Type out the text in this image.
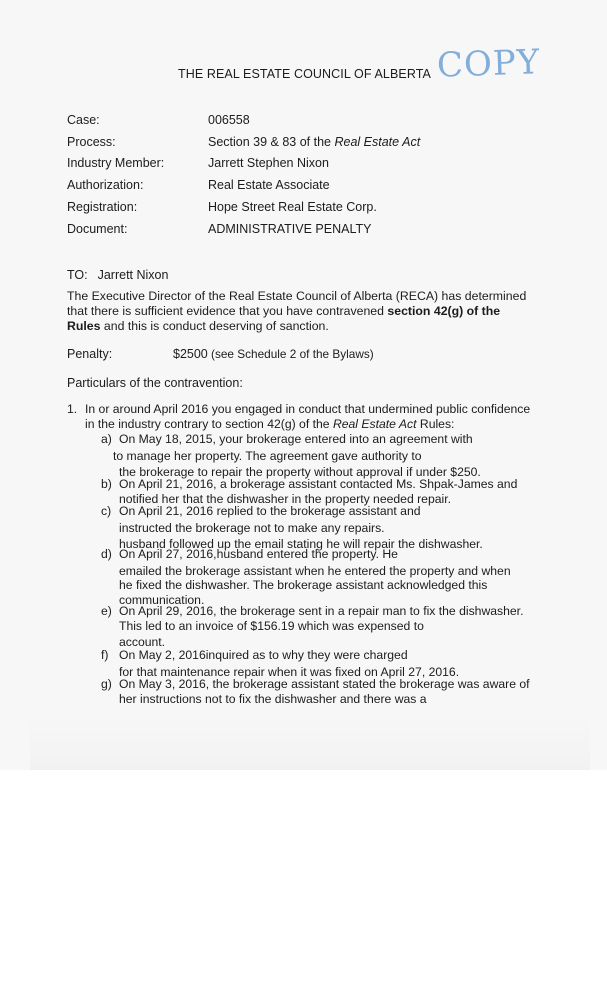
THE REAL ESTATE COUNCIL OF ALBERTA COPY
Case:	006558
Process:	Section 39 & 83 of the Real Estate Act
Industry Member:	Jarrett Stephen Nixon
Authorization:	Real Estate Associate
Registration:	Hope Street Real Estate Corp.
Document:	ADMINISTRATIVE PENALTY
TO: Jarrett Nixon
The Executive Director of the Real Estate Council of Alberta (RECA) has determined that there is sufficient evidence that you have contravened section 42(g) of the Rules and this is conduct deserving of sanction.
Penalty:	$2500 (see Schedule 2 of the Bylaws)
Particulars of the contravention:
1. In or around April 2016 you engaged in conduct that undermined public confidence in the industry contrary to section 42(g) of the Real Estate Act Rules:
a) On May 18, 2015, your brokerage entered into an agreement with
to manage her property. The agreement gave authority to
the brokerage to repair the property without approval if under $250.
b) On April 21, 2016, a brokerage assistant contacted Ms. Shpak-James and
notified her that the dishwasher in the property needed repair.
c) On April 21, 2016 replied to the brokerage assistant and
instructed the brokerage not to make any repairs.
husband followed up the email stating he will repair the dishwasher.
d) On April 27, 2016,husband entered the property. He
emailed the brokerage assistant when he entered the property and when
he fixed the dishwasher. The brokerage assistant acknowledged this
communication.
e) On April 29, 2016, the brokerage sent in a repair man to fix the dishwasher.
This led to an invoice of $156.19 which was expensed to
account.
f) On May 2, 2016inquired as to why they were charged
for that maintenance repair when it was fixed on April 27, 2016.
g) On May 3, 2016, the brokerage assistant stated the brokerage was aware of
her instructions not to fix the dishwasher and there was a
